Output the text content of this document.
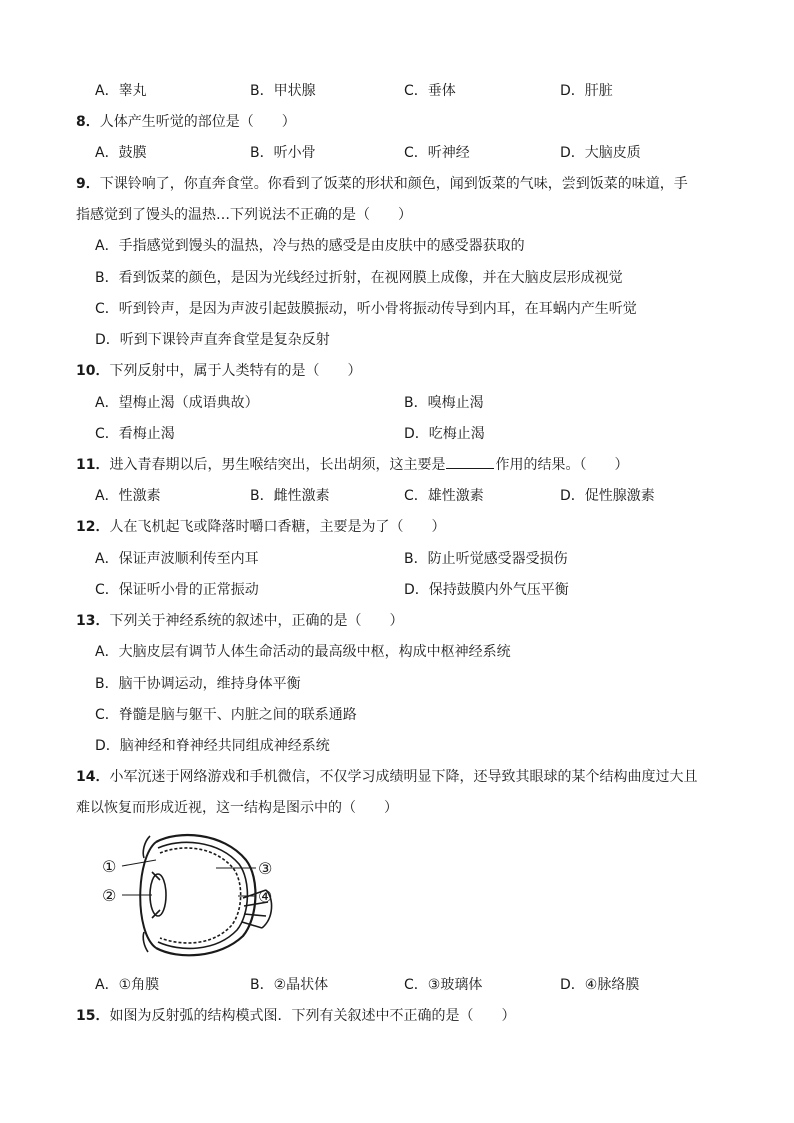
A．睾丸	B．甲状腺	C．垂体	D．肝脏
8．人体产生听觉的部位是（　　）
A．鼓膜	B．听小骨	C．听神经	D．大脑皮质
9．下课铃响了，你直奔食堂。你看到了饭菜的形状和颜色，闻到饭菜的气味，尝到饭菜的味道，手
指感觉到了馒头的温热…下列说法不正确的是（　　）
A．手指感觉到馒头的温热，冷与热的感受是由皮肤中的感受器获取的
B．看到饭菜的颜色，是因为光线经过折射，在视网膜上成像，并在大脑皮层形成视觉
C．听到铃声，是因为声波引起鼓膜振动，听小骨将振动传导到内耳，在耳蜗内产生听觉
D．听到下课铃声直奔食堂是复杂反射
10．下列反射中，属于人类特有的是（　　）
A．望梅止渴（成语典故）	B．嗅梅止渴
C．看梅止渴	D．吃梅止渴
11．进入青春期以后，男生喉结突出，长出胡须，这主要是	作用的结果。（　　）
A．性激素	B．雌性激素	C．雄性激素	D．促性腺激素
12．人在飞机起飞或降落时嚼口香糖，主要是为了（　　）
A．保证声波顺利传至内耳	B．防止听觉感受器受损伤
C．保证听小骨的正常振动	D．保持鼓膜内外气压平衡
13．下列关于神经系统的叙述中，正确的是（　　）
A．大脑皮层有调节人体生命活动的最高级中枢，构成中枢神经系统
B．脑干协调运动，维持身体平衡
C．脊髓是脑与躯干、内脏之间的联系通路
D．脑神经和脊神经共同组成神经系统
14．小军沉迷于网络游戏和手机微信，不仅学习成绩明显下降，还导致其眼球的某个结构曲度过大且
难以恢复而形成近视，这一结构是图示中的（　　）
①
②
③
④
A．①角膜	B．②晶状体	C．③玻璃体	D．④脉络膜
15．如图为反射弧的结构模式图．下列有关叙述中不正确的是（　　）
